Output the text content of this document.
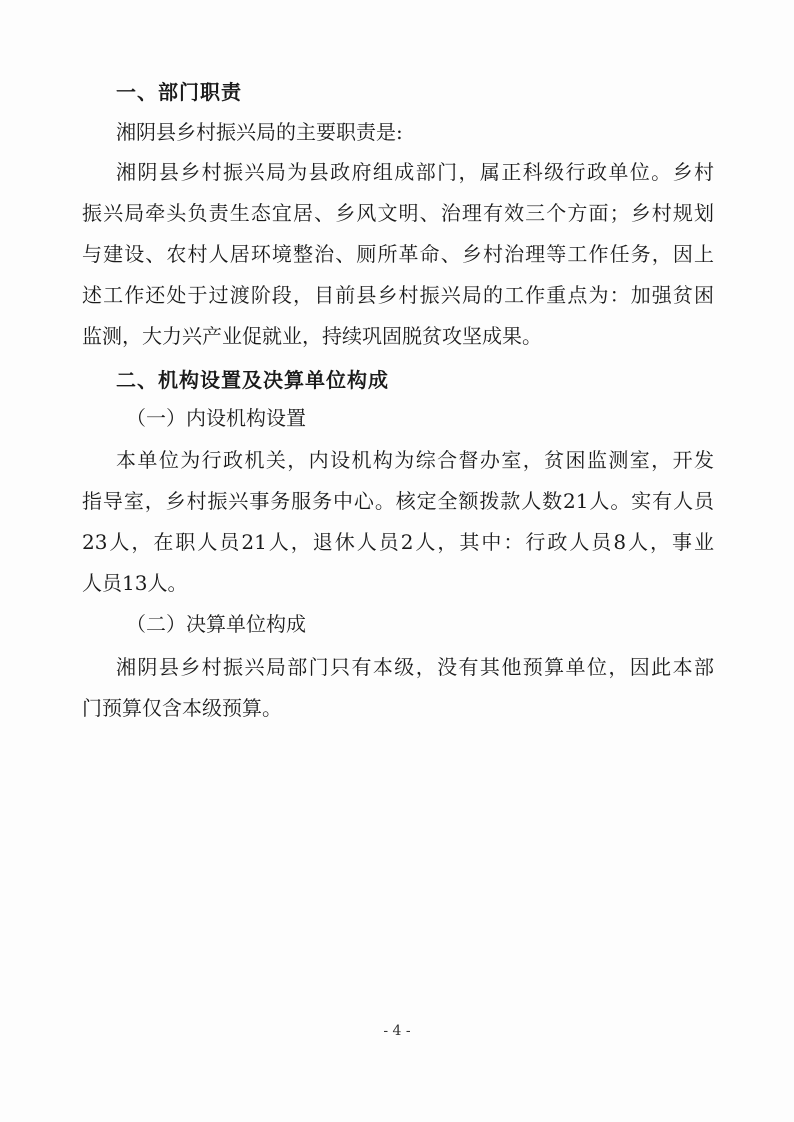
一、部门职责
湘阴县乡村振兴局的主要职责是:
湘阴县乡村振兴局为县政府组成部门，属正科级行政单位。乡村
振兴局牵头负责生态宜居、乡风文明、治理有效三个方面；乡村规划
与建设、农村人居环境整治、厕所革命、乡村治理等工作任务，因上
述工作还处于过渡阶段，目前县乡村振兴局的工作重点为：加强贫困
监测，大力兴产业促就业，持续巩固脱贫攻坚成果。
二、机构设置及决算单位构成
（一）内设机构设置
本单位为行政机关，内设机构为综合督办室，贫困监测室，开发
指导室，乡村振兴事务服务中心。核定全额拨款人数21人。实有人员
23人，在职人员21人，退休人员2人，其中：行政人员8人，事业
人员13人。
（二）决算单位构成
湘阴县乡村振兴局部门只有本级，没有其他预算单位，因此本部
门预算仅含本级预算。
- 4 -
